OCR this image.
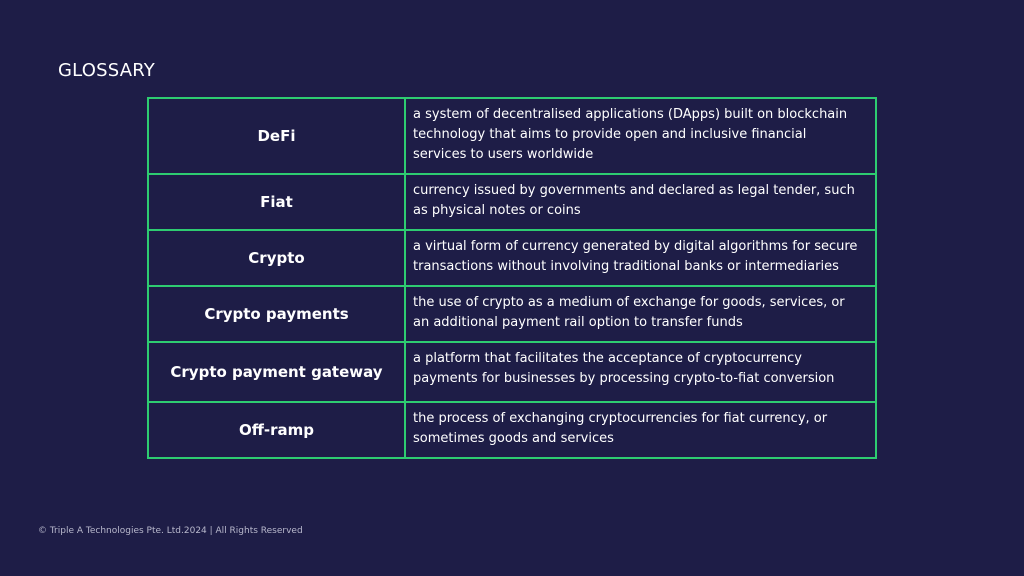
GLOSSARY
DeFi	a system of decentralised applications (DApps) built on blockchain technology that aims to provide open and inclusive financial services to users worldwide
Fiat	currency issued by governments and declared as legal tender, such as physical notes or coins
Crypto	a virtual form of currency generated by digital algorithms for secure transactions without involving traditional banks or intermediaries
Crypto payments	the use of crypto as a medium of exchange for goods, services, or an additional payment rail option to transfer funds
Crypto payment gateway	a platform that facilitates the acceptance of cryptocurrency payments for businesses by processing crypto-to-fiat conversion
Off-ramp	the process of exchanging cryptocurrencies for fiat currency, or sometimes goods and services
© Triple A Technologies Pte. Ltd.2024 | All Rights Reserved
